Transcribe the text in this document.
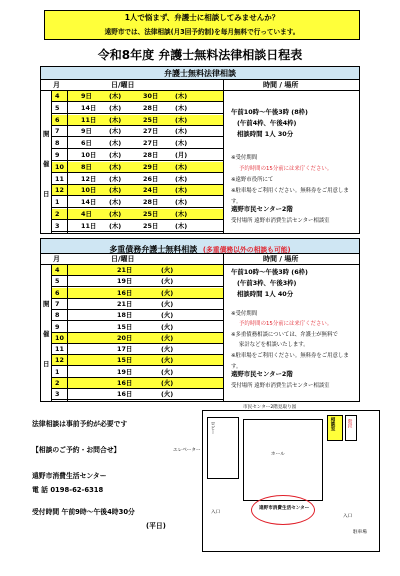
1人で悩まず、弁護士に相談してみませんか？
遠野市では、法律相談(月3回予約制)を毎月無料で行っています。
令和8年度 弁護士無料法律相談日程表
弁護士無料法律相談
月	日/曜日	時間 / 場所
開
催
日
4	9日	(木)	30日	(木)
5	14日 (木)	28日	(木)
6	11日 (木)	25日	(木)
7	9日	(木)	27日	(木)
8	6日	(木)	27日	(木)
9	10日 (木)	28日	(月)
10	8日	(木)	29日	(木)
11	12日 (木)	26日	(木)
12	10日 (木)	24日	(木)
1	14日 (木)	28日	(木)
2	4日	(木)	25日	(木)
3	11日 (木)	25日	(木)
午前10時～午後3時 (8枠)
(午前4枠、午後4枠)
相談時間 1人 30分
※受付期間
予約時間の15分前には来庁ください。
※遠野市役所にて
※駐車場をご利用ください。無料券をご用意します。
遠野市民センター2階
受付場所 遠野市消費生活センター相談室
多重債務弁護士無料相談 (多重債務以外の相談も可能)
月	日/曜日	時間 / 場所
開
催
日
4	21日	(火)
5	19日	(火)
6	16日	(火)
7	21日	(火)
8	18日	(火)
9	15日	(火)
10	20日	(火)
11	17日	(火)
12	15日	(火)
1	19日	(火)
2	16日	(火)
3	16日	(火)
午前10時～午後3時 (6枠)
(午前3枠、午後3枠)
相談時間 1人 40分
※受付期間
予約時間の15分前には来庁ください。
※多重債務相談については、弁護士が無料で
家計などを相談いたします。
※駐車場をご利用ください。無料券をご用意します。
遠野市民センター2階
受付場所 遠野市消費生活センター相談室
法律相談は事前予約が必要です
【相談のご予約・お問合せ】
遠野市消費生活センター
電 話 0198-62-6318
受付時間 午前9時～午後4時30分
(平日)
市民センター2階見取り図
ロビー
ホール
相談室	階段
エレベーター
遠野市消費生活センター
入口
入口
駐車場
